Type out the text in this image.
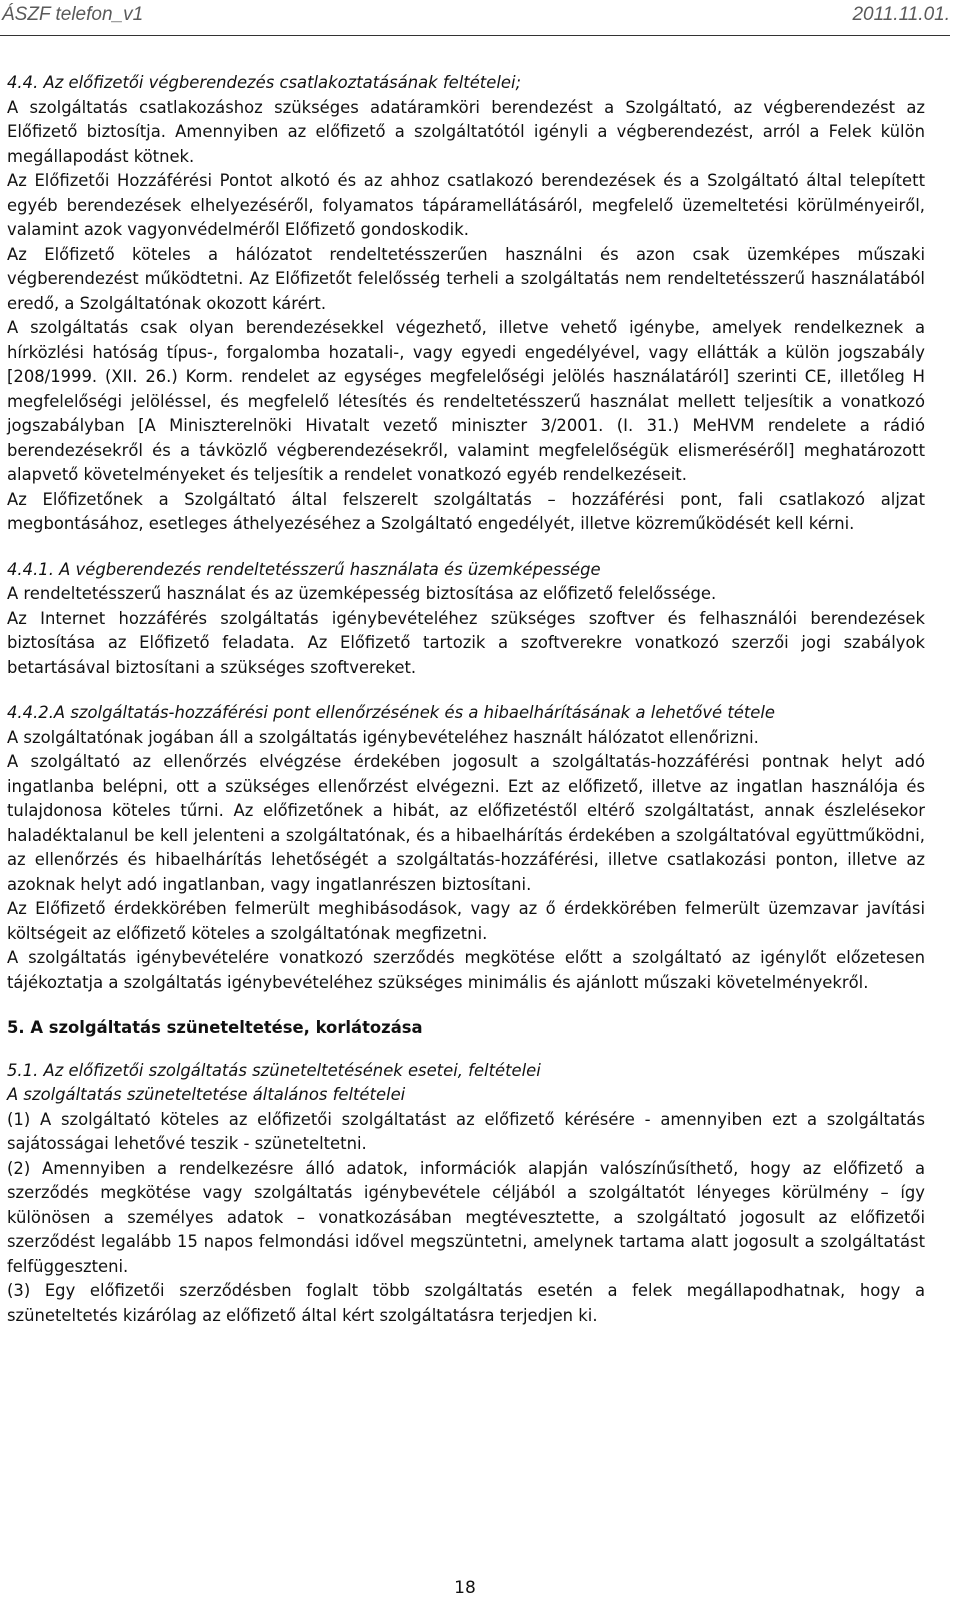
ÁSZF telefon_v1	2011.11.01.
4.4. Az előfizetői végberendezés csatlakoztatásának feltételei;

A szolgáltatás csatlakozáshoz szükséges adatáramköri berendezést a Szolgáltató, az végberendezést az Előfizető biztosítja. Amennyiben az előfizető a szolgáltatótól igényli a végberendezést, arról a Felek külön megállapodást kötnek.

Az Előfizetői Hozzáférési Pontot alkotó és az ahhoz csatlakozó berendezések és a Szolgáltató által telepített egyéb berendezések elhelyezéséről, folyamatos tápáramellátásáról, megfelelő üzemeltetési körülményeiről, valamint azok vagyonvédelméről Előfizető gondoskodik.

Az Előfizető köteles a hálózatot rendeltetésszerűen használni és azon csak üzemképes műszaki végberendezést működtetni. Az Előfizetőt felelősség terheli a szolgáltatás nem rendeltetésszerű használatából eredő, a Szolgáltatónak okozott kárért.

A szolgáltatás csak olyan berendezésekkel végezhető, illetve vehető igénybe, amelyek rendelkeznek a hírközlési hatóság típus-, forgalomba hozatali-, vagy egyedi engedélyével, vagy ellátták a külön jogszabály [208/1999. (XII. 26.) Korm. rendelet az egységes megfelelőségi jelölés használatáról] szerinti CE, illetőleg H megfelelőségi jelöléssel, és megfelelő létesítés és rendeltetésszerű használat mellett teljesítik a vonatkozó jogszabályban [A Miniszterelnöki Hivatalt vezető miniszter 3/2001. (I. 31.) MeHVM rendelete a rádió berendezésekről és a távközlő végberendezésekről, valamint megfelelőségük elismeréséről] meghatározott alapvető követelményeket és teljesítik a rendelet vonatkozó egyéb rendelkezéseit.

Az Előfizetőnek a Szolgáltató által felszerelt szolgáltatás – hozzáférési pont, fali csatlakozó aljzat megbontásához, esetleges áthelyezéséhez a Szolgáltató engedélyét, illetve közreműködését kell kérni.

4.4.1. A végberendezés rendeltetésszerű használata és üzemképessége

A rendeltetésszerű használat és az üzemképesség biztosítása az előfizető felelőssége.

Az Internet hozzáférés szolgáltatás igénybevételéhez szükséges szoftver és felhasználói berendezések biztosítása az Előfizető feladata. Az Előfizető tartozik a szoftverekre vonatkozó szerzői jogi szabályok betartásával biztosítani a szükséges szoftvereket.

4.4.2.A szolgáltatás-hozzáférési pont ellenőrzésének és a hibaelhárításának a lehetővé tétele

A szolgáltatónak jogában áll a szolgáltatás igénybevételéhez használt hálózatot ellenőrizni.

A szolgáltató az ellenőrzés elvégzése érdekében jogosult a szolgáltatás-hozzáférési pontnak helyt adó ingatlanba belépni, ott a szükséges ellenőrzést elvégezni. Ezt az előfizető, illetve az ingatlan használója és tulajdonosa köteles tűrni. Az előfizetőnek a hibát, az előfizetéstől eltérő szolgáltatást, annak észlelésekor haladéktalanul be kell jelenteni a szolgáltatónak, és a hibaelhárítás érdekében a szolgáltatóval együttműködni, az ellenőrzés és hibaelhárítás lehetőségét a szolgáltatás-hozzáférési, illetve csatlakozási ponton, illetve az azoknak helyt adó ingatlanban, vagy ingatlanrészen biztosítani.

Az Előfizető érdekkörében felmerült meghibásodások, vagy az ő érdekkörében felmerült üzemzavar javítási költségeit az előfizető köteles a szolgáltatónak megfizetni.

A szolgáltatás igénybevételére vonatkozó szerződés megkötése előtt a szolgáltató az igénylőt előzetesen tájékoztatja a szolgáltatás igénybevételéhez szükséges minimális és ajánlott műszaki követelményekről.

5. A szolgáltatás szüneteltetése, korlátozása
5.1. Az előfizetői szolgáltatás szüneteltetésének esetei, feltételei

A szolgáltatás szüneteltetése általános feltételei

(1) A szolgáltató köteles az előfizetői szolgáltatást az előfizető kérésére - amennyiben ezt a szolgáltatás sajátosságai lehetővé teszik - szüneteltetni.

(2) Amennyiben a rendelkezésre álló adatok, információk alapján valószínűsíthető, hogy az előfizető a szerződés megkötése vagy szolgáltatás igénybevétele céljából a szolgáltatót lényeges körülmény – így különösen a személyes adatok – vonatkozásában megtévesztette, a szolgáltató jogosult az előfizetői szerződést legalább 15 napos felmondási idővel megszüntetni, amelynek tartama alatt jogosult a szolgáltatást felfüggeszteni.

(3) Egy előfizetői szerződésben foglalt több szolgáltatás esetén a felek megállapodhatnak, hogy a szüneteltetés kizárólag az előfizető által kért szolgáltatásra terjedjen ki.

18
